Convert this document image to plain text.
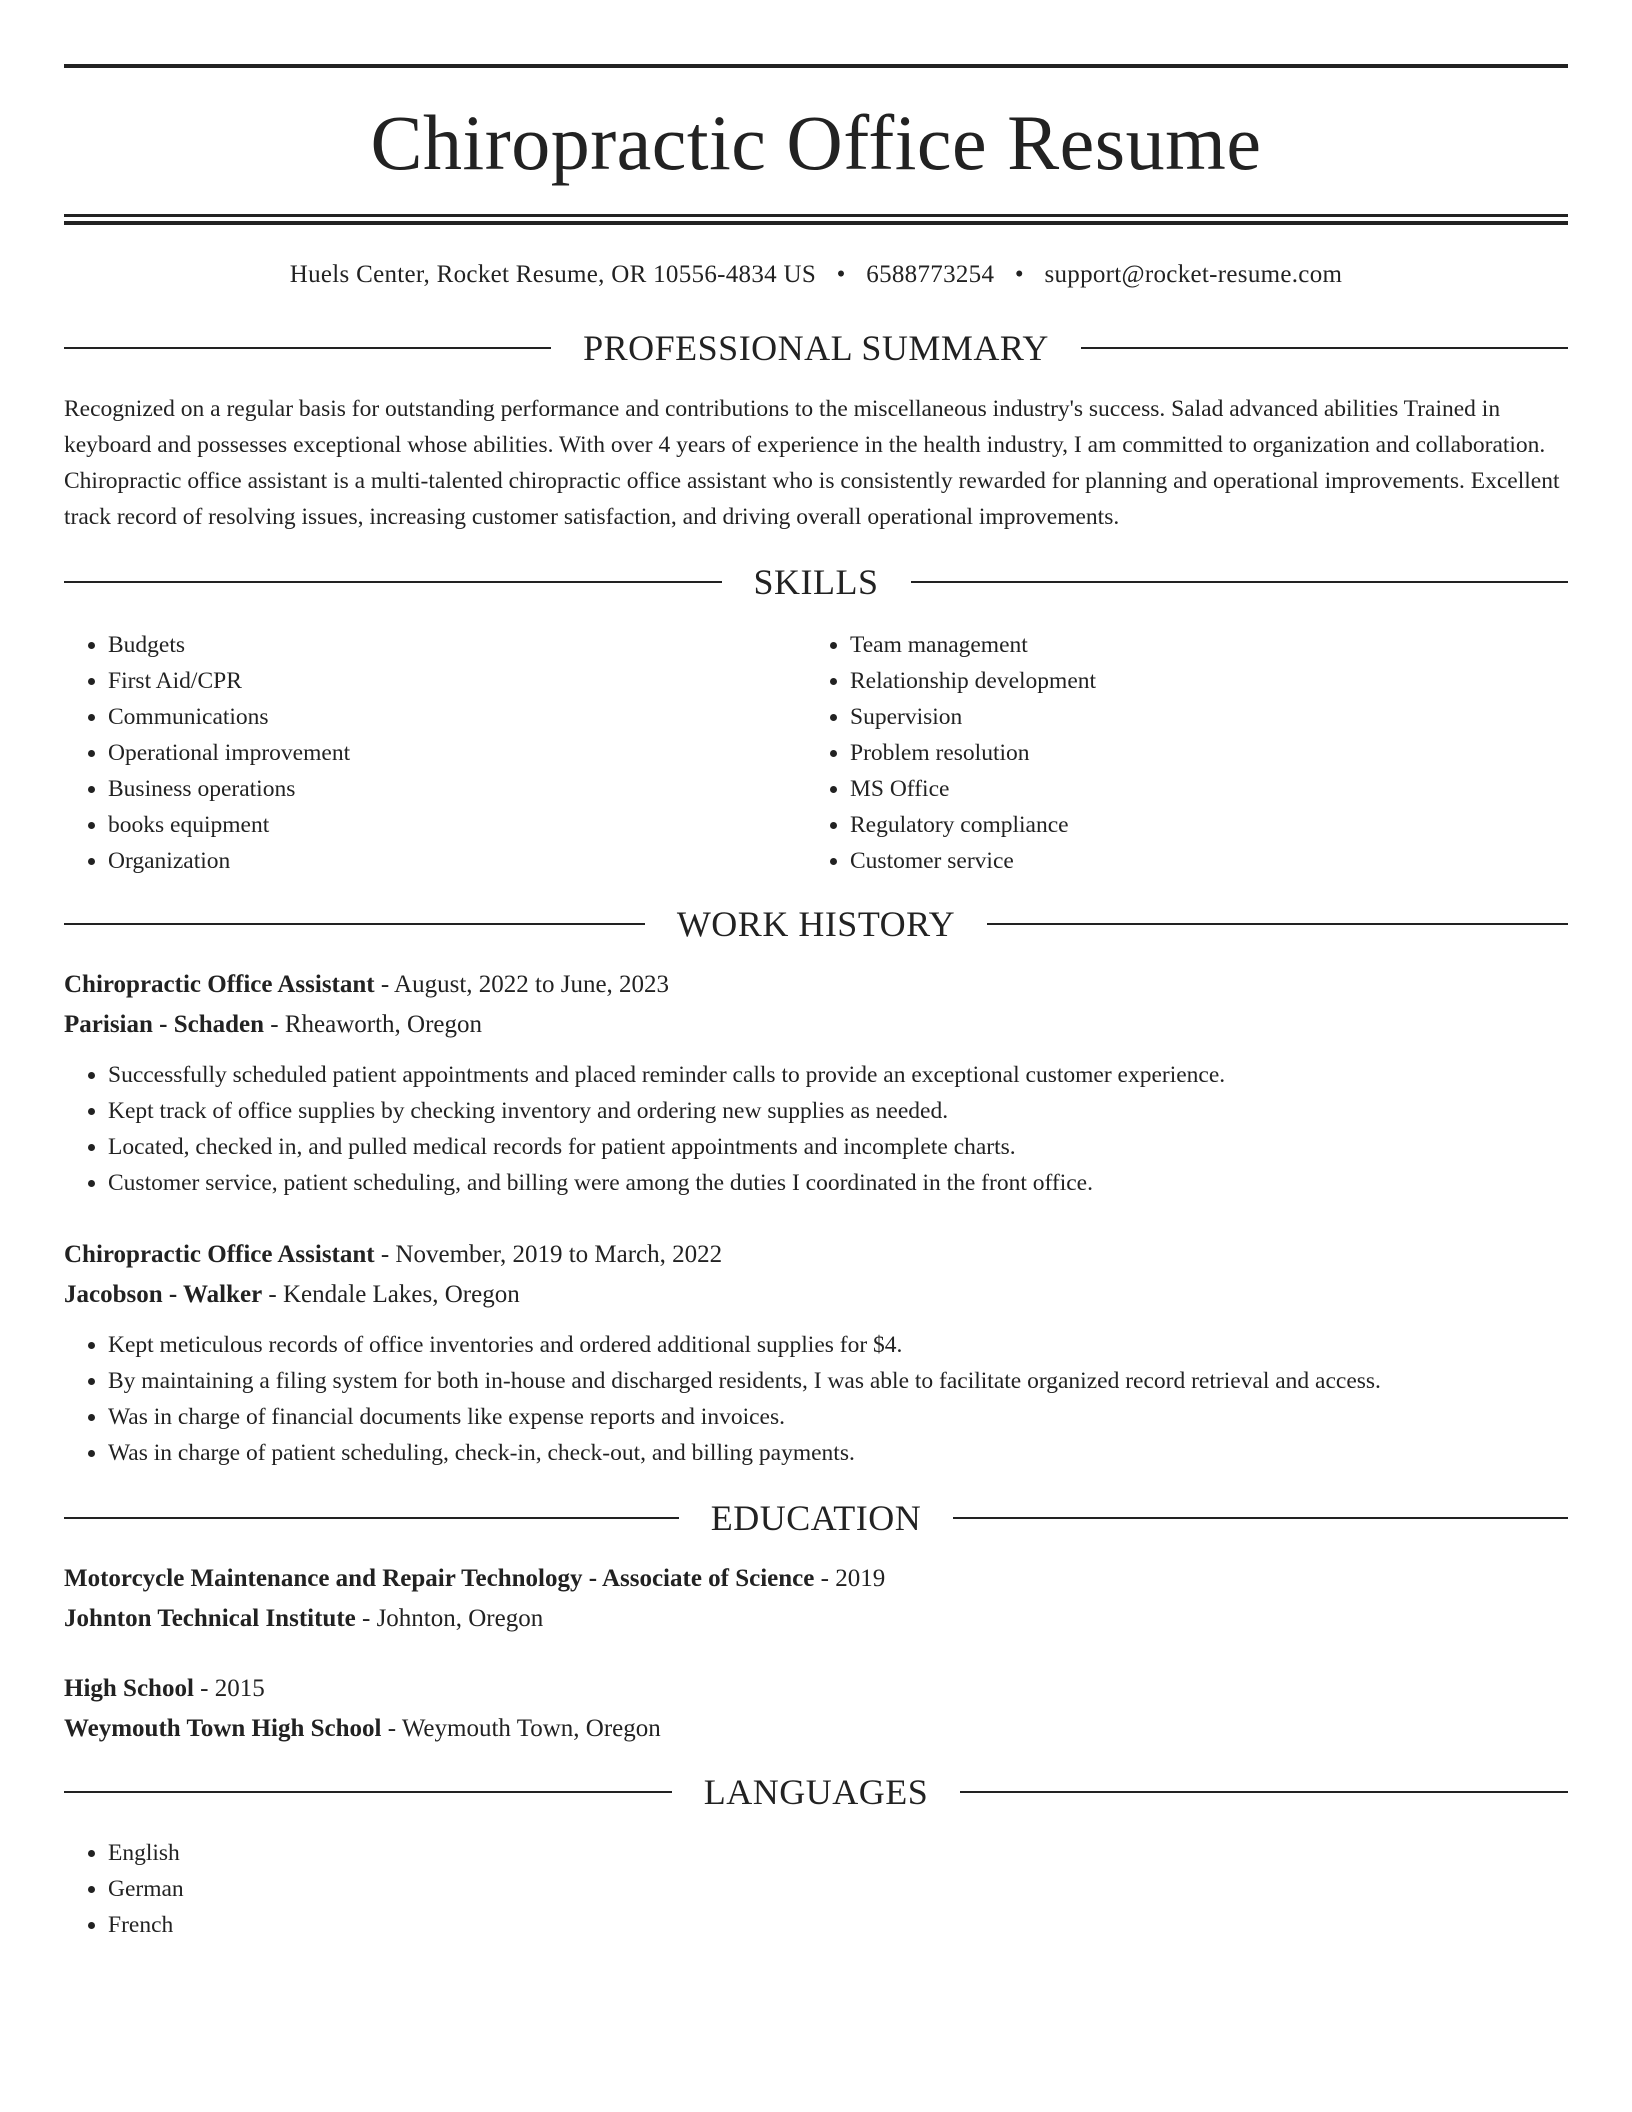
Chiropractic Office Resume
Huels Center, Rocket Resume, OR 10556-4834 US • 6588773254 • support@rocket-resume.com
PROFESSIONAL SUMMARY

Recognized on a regular basis for outstanding performance and contributions to the miscellaneous industry's success. Salad advanced abilities Trained in keyboard and possesses exceptional whose abilities. With over 4 years of experience in the health industry, I am committed to organization and collaboration. Chiropractic office assistant is a multi-talented chiropractic office assistant who is consistently rewarded for planning and operational improvements. Excellent track record of resolving issues, increasing customer satisfaction, and driving overall operational improvements.

SKILLS
• Budgets
• First Aid/CPR
• Communications
• Operational improvement
• Business operations
• books equipment
• Organization
• Team management
• Relationship development
• Supervision
• Problem resolution
• MS Office
• Regulatory compliance
• Customer service
WORK HISTORY
Chiropractic Office Assistant - August, 2022 to June, 2023
Parisian - Schaden - Rheaworth, Oregon
• Successfully scheduled patient appointments and placed reminder calls to provide an exceptional customer experience.
• Kept track of office supplies by checking inventory and ordering new supplies as needed.
• Located, checked in, and pulled medical records for patient appointments and incomplete charts.
• Customer service, patient scheduling, and billing were among the duties I coordinated in the front office.
Chiropractic Office Assistant - November, 2019 to March, 2022
Jacobson - Walker - Kendale Lakes, Oregon
• Kept meticulous records of office inventories and ordered additional supplies for $4.
• By maintaining a filing system for both in-house and discharged residents, I was able to facilitate organized record retrieval and access.
• Was in charge of financial documents like expense reports and invoices.
• Was in charge of patient scheduling, check-in, check-out, and billing payments.
EDUCATION
Motorcycle Maintenance and Repair Technology - Associate of Science - 2019
Johnton Technical Institute - Johnton, Oregon
High School - 2015
Weymouth Town High School - Weymouth Town, Oregon
LANGUAGES
• English
• German
• French
